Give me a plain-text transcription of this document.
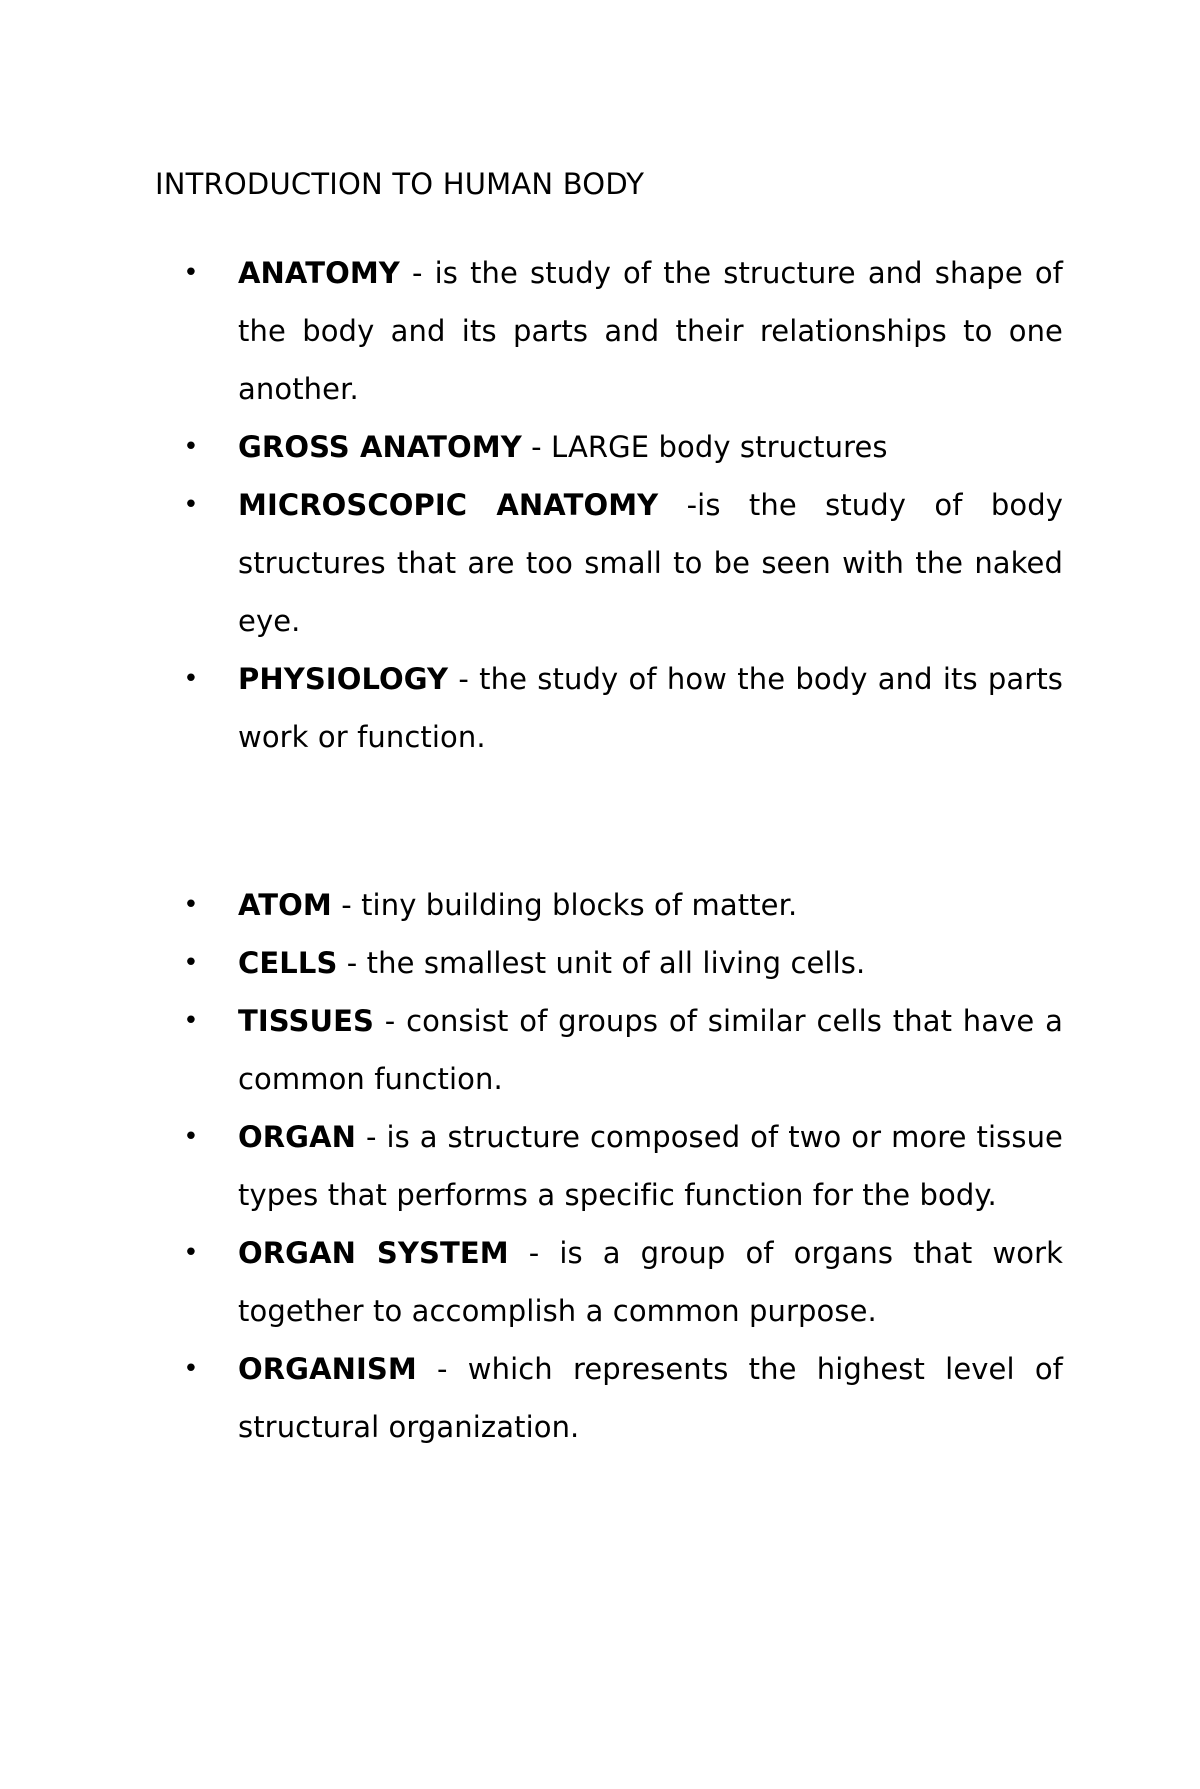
INTRODUCTION TO HUMAN BODY
• ANATOMY - is the study of the structure and shape of the body and its parts and their relationships to one another.
• GROSS ANATOMY - LARGE body structures
• MICROSCOPIC ANATOMY -is the study of body structures that are too small to be seen with the naked eye.
• PHYSIOLOGY - the study of how the body and its parts work or function.
• ATOM - tiny building blocks of matter.
• CELLS - the smallest unit of all living cells.
• TISSUES - consist of groups of similar cells that have a common function.
• ORGAN - is a structure composed of two or more tissue types that performs a specific function for the body.
• ORGAN SYSTEM - is a group of organs that work together to accomplish a common purpose.
• ORGANISM - which represents the highest level of structural organization.
